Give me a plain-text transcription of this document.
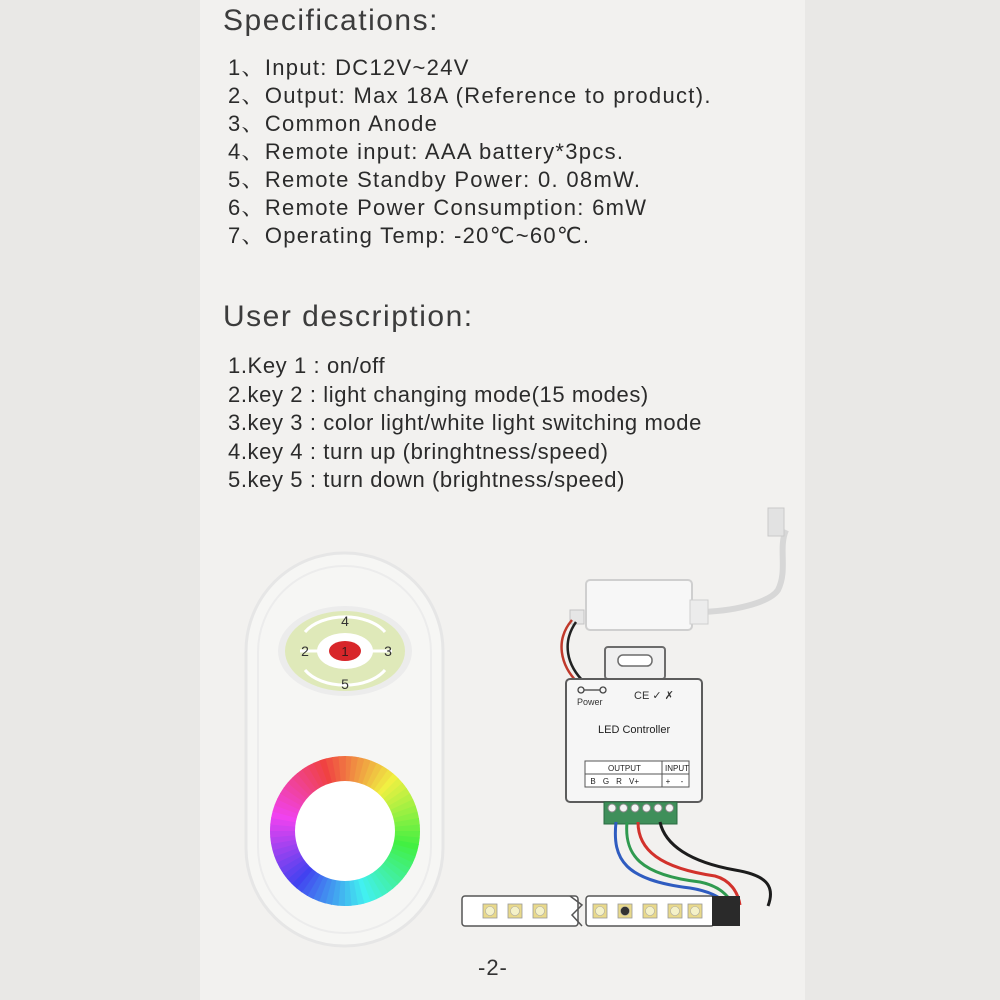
Specifications:
1、Input: DC12V~24V
2、Output: Max 18A (Reference to product).
3、Common Anode
4、Remote input: AAA battery*3pcs.
5、Remote Standby Power: 0. 08mW.
6、Remote Power Consumption: 6mW
7、Operating Temp: -20℃~60℃.
User description:
1.Key 1 : on/off
2.key 2 : light changing mode(15 modes)
3.key 3 : color light/white light switching mode
4.key 4 : turn up (bringhtness/speed)
5.key 5 : turn down (brightness/speed)
1
2	3
4
5
Power	CE ✓ ✗
LED Controller
OUTPUT	INPUT
B G R V+	+ -
-2-
